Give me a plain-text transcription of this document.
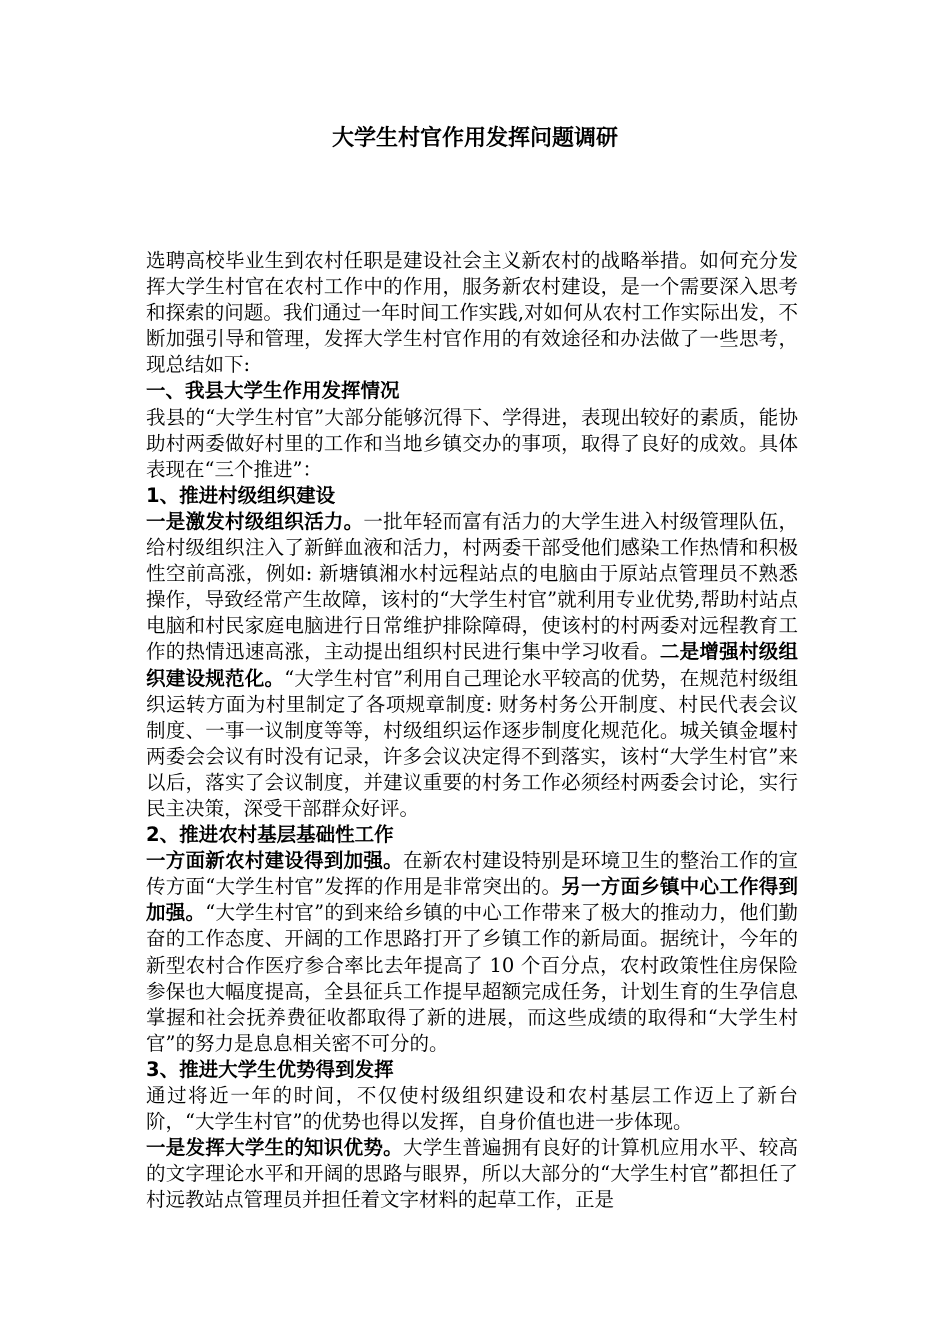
大学生村官作用发挥问题调研

选聘高校毕业生到农村任职是建设社会主义新农村的战略举措。如何充分发挥大学生村官在农村工作中的作用，服务新农村建设，是一个需要深入思考和探索的问题。我们通过一年时间工作实践,对如何从农村工作实际出发，不断加强引导和管理，发挥大学生村官作用的有效途径和办法做了一些思考，现总结如下:

一、我县大学生作用发挥情况

我县的“大学生村官”大部分能够沉得下、学得进，表现出较好的素质，能协助村两委做好村里的工作和当地乡镇交办的事项，取得了良好的成效。具体表现在“三个推进”：

1、推进村级组织建设

一是激发村级组织活力。一批年轻而富有活力的大学生进入村级管理队伍，给村级组织注入了新鲜血液和活力，村两委干部受他们感染工作热情和积极性空前高涨，例如: 新塘镇湘水村远程站点的电脑由于原站点管理员不熟悉操作，导致经常产生故障，该村的“大学生村官”就利用专业优势,帮助村站点电脑和村民家庭电脑进行日常维护排除障碍，使该村的村两委对远程教育工作的热情迅速高涨，主动提出组织村民进行集中学习收看。二是增强村级组织建设规范化。“大学生村官”利用自己理论水平较高的优势，在规范村级组织运转方面为村里制定了各项规章制度: 财务村务公开制度、村民代表会议制度、一事一议制度等等，村级组织运作逐步制度化规范化。城关镇金堰村两委会会议有时没有记录，许多会议决定得不到落实，该村“大学生村官”来以后，落实了会议制度，并建议重要的村务工作必须经村两委会讨论，实行民主决策，深受干部群众好评。

2、推进农村基层基础性工作

一方面新农村建设得到加强。在新农村建设特别是环境卫生的整治工作的宣传方面“大学生村官”发挥的作用是非常突出的。另一方面乡镇中心工作得到加强。“大学生村官”的到来给乡镇的中心工作带来了极大的推动力，他们勤奋的工作态度、开阔的工作思路打开了乡镇工作的新局面。据统计，今年的新型农村合作医疗参合率比去年提高了 10 个百分点，农村政策性住房保险参保也大幅度提高，全县征兵工作提早超额完成任务，计划生育的生孕信息掌握和社会抚养费征收都取得了新的进展，而这些成绩的取得和“大学生村官”的努力是息息相关密不可分的。

3、推进大学生优势得到发挥

通过将近一年的时间，不仅使村级组织建设和农村基层工作迈上了新台阶，“大学生村官”的优势也得以发挥，自身价值也进一步体现。

一是发挥大学生的知识优势。大学生普遍拥有良好的计算机应用水平、较高的文字理论水平和开阔的思路与眼界，所以大部分的“大学生村官”都担任了村远教站点管理员并担任着文字材料的起草工作，正是
